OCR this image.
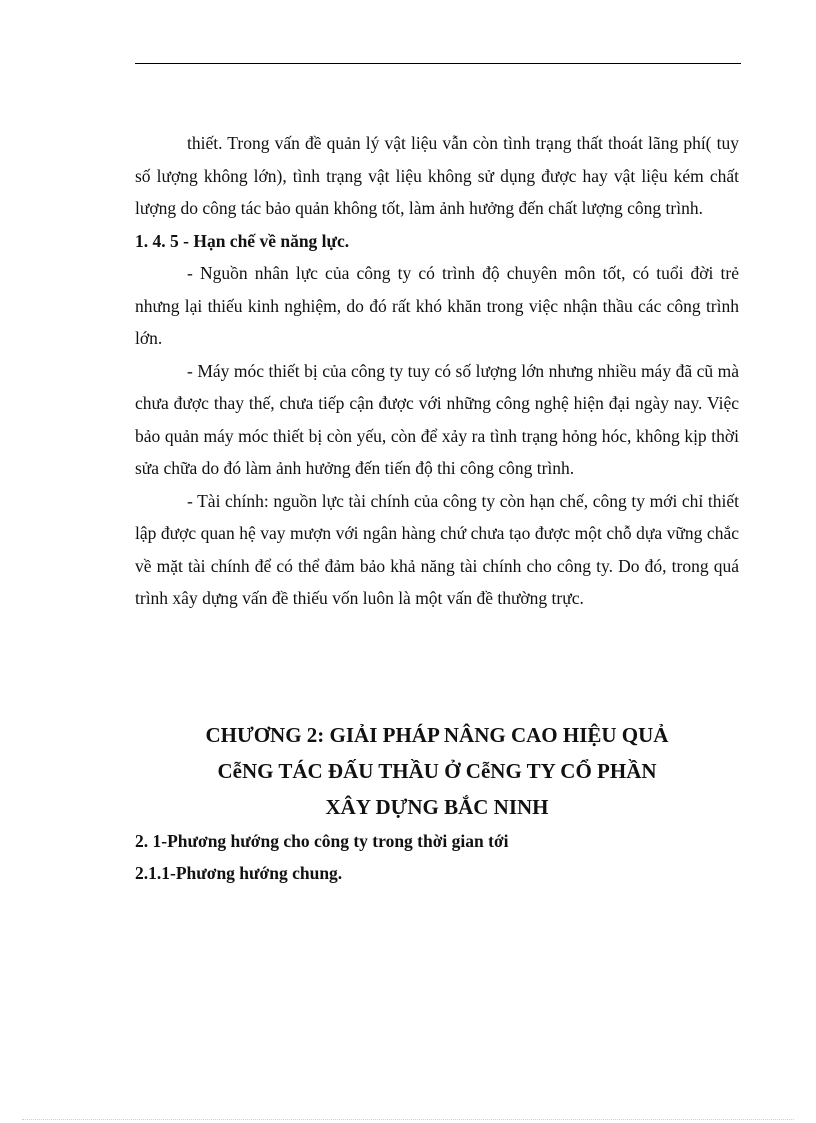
thiết. Trong vấn đề quản lý vật liệu vẫn còn tình trạng thất thoát lãng phí( tuy số lượng không lớn), tình trạng vật liệu không sử dụng được hay vật liệu kém chất lượng do công tác bảo quản không tốt, làm ảnh hưởng đến chất lượng công trình.

1. 4. 5 - Hạn chế về năng lực.

- Nguồn nhân lực của công ty có trình độ chuyên môn tốt, có tuổi đời trẻ nhưng lại thiếu kinh nghiệm, do đó rất khó khăn trong việc nhận thầu các công trình lớn.

- Máy móc thiết bị của công ty tuy có số lượng lớn nhưng nhiều máy đã cũ mà chưa được thay thế, chưa tiếp cận được với những công nghệ hiện đại ngày nay. Việc bảo quản máy móc thiết bị còn yếu, còn để xảy ra tình trạng hỏng hóc, không kịp thời sửa chữa do đó làm ảnh hưởng đến tiến độ thi công công trình.

- Tài chính: nguồn lực tài chính của công ty còn hạn chế, công ty mới chỉ thiết lập được quan hệ vay mượn với ngân hàng chứ chưa tạo được một chỗ dựa vững chắc về mặt tài chính để có thể đảm bảo khả năng tài chính cho công ty. Do đó, trong quá trình xây dựng vấn đề thiếu vốn luôn là một vấn đề thường trực.

CHƯƠNG 2: GIẢI PHÁP NÂNG CAO HIỆU QUẢ
CễNG TÁC ĐẤU THẦU Ở CễNG TY CỔ PHẦN
XÂY DỰNG BẮC NINH

2. 1-Phương hướng cho công ty trong thời gian tới

2.1.1-Phương hướng chung.
